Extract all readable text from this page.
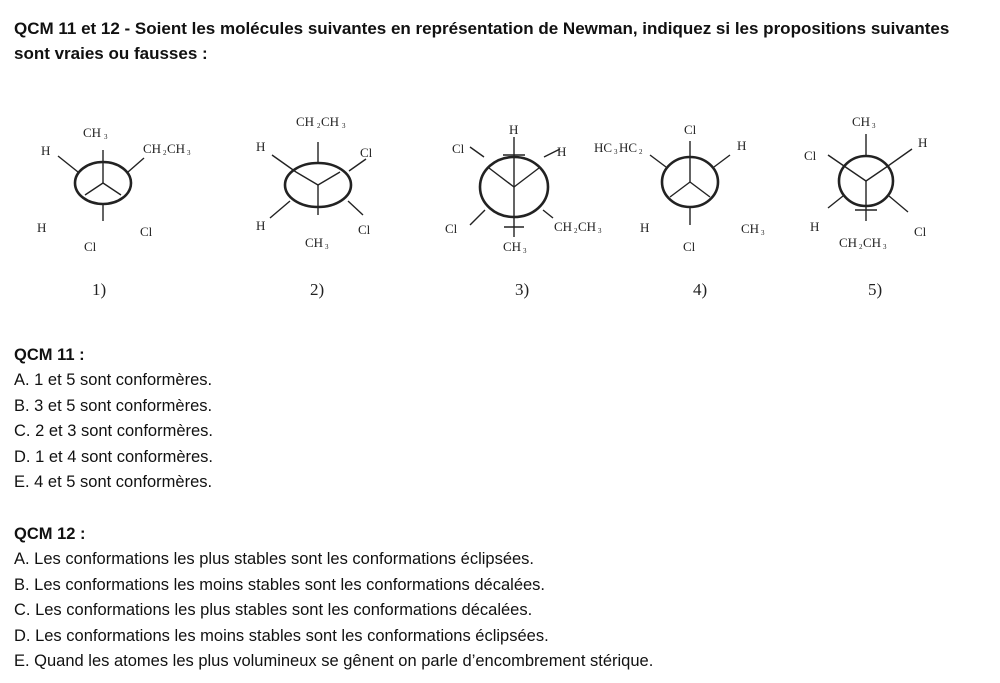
QCM 11 et 12 - Soient les molécules suivantes en représentation de Newman, indiquez si les propositions suivantes sont vraies ou fausses :

CH 3
CH 2 CH 3
H
H	Cl
Cl
1)
CH 2 CH 3
H	Cl
H	Cl
CH 3
2)
H
Cl	H
Cl	CH 2 CH 3
CH 3
3)
Cl
HC 3 HC 2	H
H	CH 3
Cl
4)
CH 3
Cl
H
H	Cl
CH 2 CH 3
5)
QCM 11 :
A. 1 et 5 sont conformères.
B. 3 et 5 sont conformères.
C. 2 et 3 sont conformères.
D. 1 et 4 sont conformères.
E. 4 et 5 sont conformères.
QCM 12 :
A. Les conformations les plus stables sont les conformations éclipsées.
B. Les conformations les moins stables sont les conformations décalées.
C. Les conformations les plus stables sont les conformations décalées.
D. Les conformations les moins stables sont les conformations éclipsées.
E. Quand les atomes les plus volumineux se gênent on parle d’encombrement stérique.
